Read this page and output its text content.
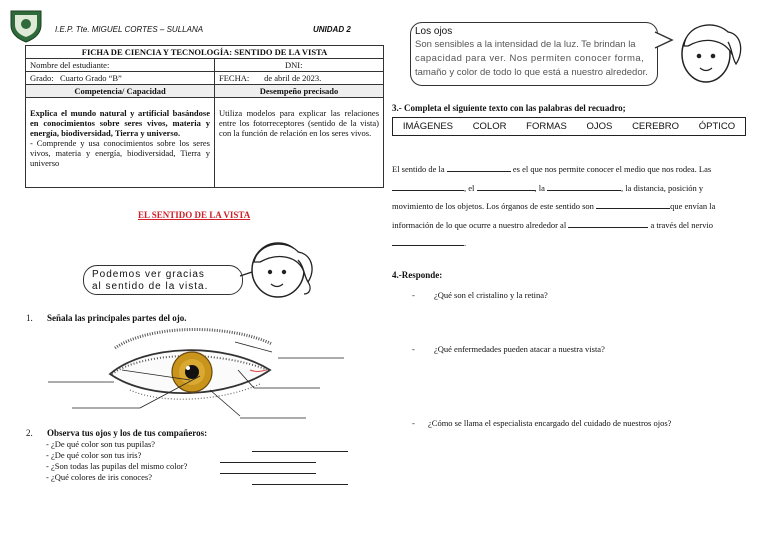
I.E.P. Tte. MIGUEL CORTES – SULLANA	UNIDAD 2
FICHA DE CIENCIA Y TECNOLOGÍA: SENTIDO DE LA VISTA	
Nombre del estudiante:	DNI:
Grado: Cuarto Grado “B”	FECHA: de abril de 2023.
Competencia/ Capacidad	Desempeño precisado

Explica el mundo natural y artificial basándose en conocimientos sobre seres vivos, materia y energía, biodiversidad, Tierra y universo.
- Comprende y usa conocimientos sobre los seres vivos, materia y energía, biodiversidad, Tierra y universo	Utiliza modelos para explicar las relaciones entre los fotorreceptores (sentido de la vista) con la función de relación en los seres vivos.
EL SENTIDO DE LA VISTA
Podemos ver gracias
al sentido de la vista.
1. Señala las principales partes del ojo.
2. Observa tus ojos y los de tus compañeros:
- ¿De qué color son tus pupilas?
- ¿De qué color son tus iris?
- ¿Son todas las pupilas del mismo color?
- ¿Qué colores de iris conoces?
Los ojos
Son sensibles a la intensidad de la luz. Te brindan la
capacidad para ver. Nos permiten conocer forma,
tamaño y color de todo lo que está a nuestro alrededor.
3.- Completa el siguiente texto con las palabras del recuadro;
IMÁGENES COLOR FORMAS OJOS CEREBRO ÓPTICO
El sentido de la	es el que nos permite conocer el medio que nos rodea. Las
, el	, la	, la distancia, posición y
movimiento de los objetos. Los órganos de este sentido son	que envían la
información de lo que ocurre a nuestro alrededor al	a través del nervio
.
4.-Responde:
- ¿Qué son el cristalino y la retina?
- ¿Qué enfermedades pueden atacar a nuestra vista?
- ¿Cómo se llama el especialista encargado del cuidado de nuestros ojos?
